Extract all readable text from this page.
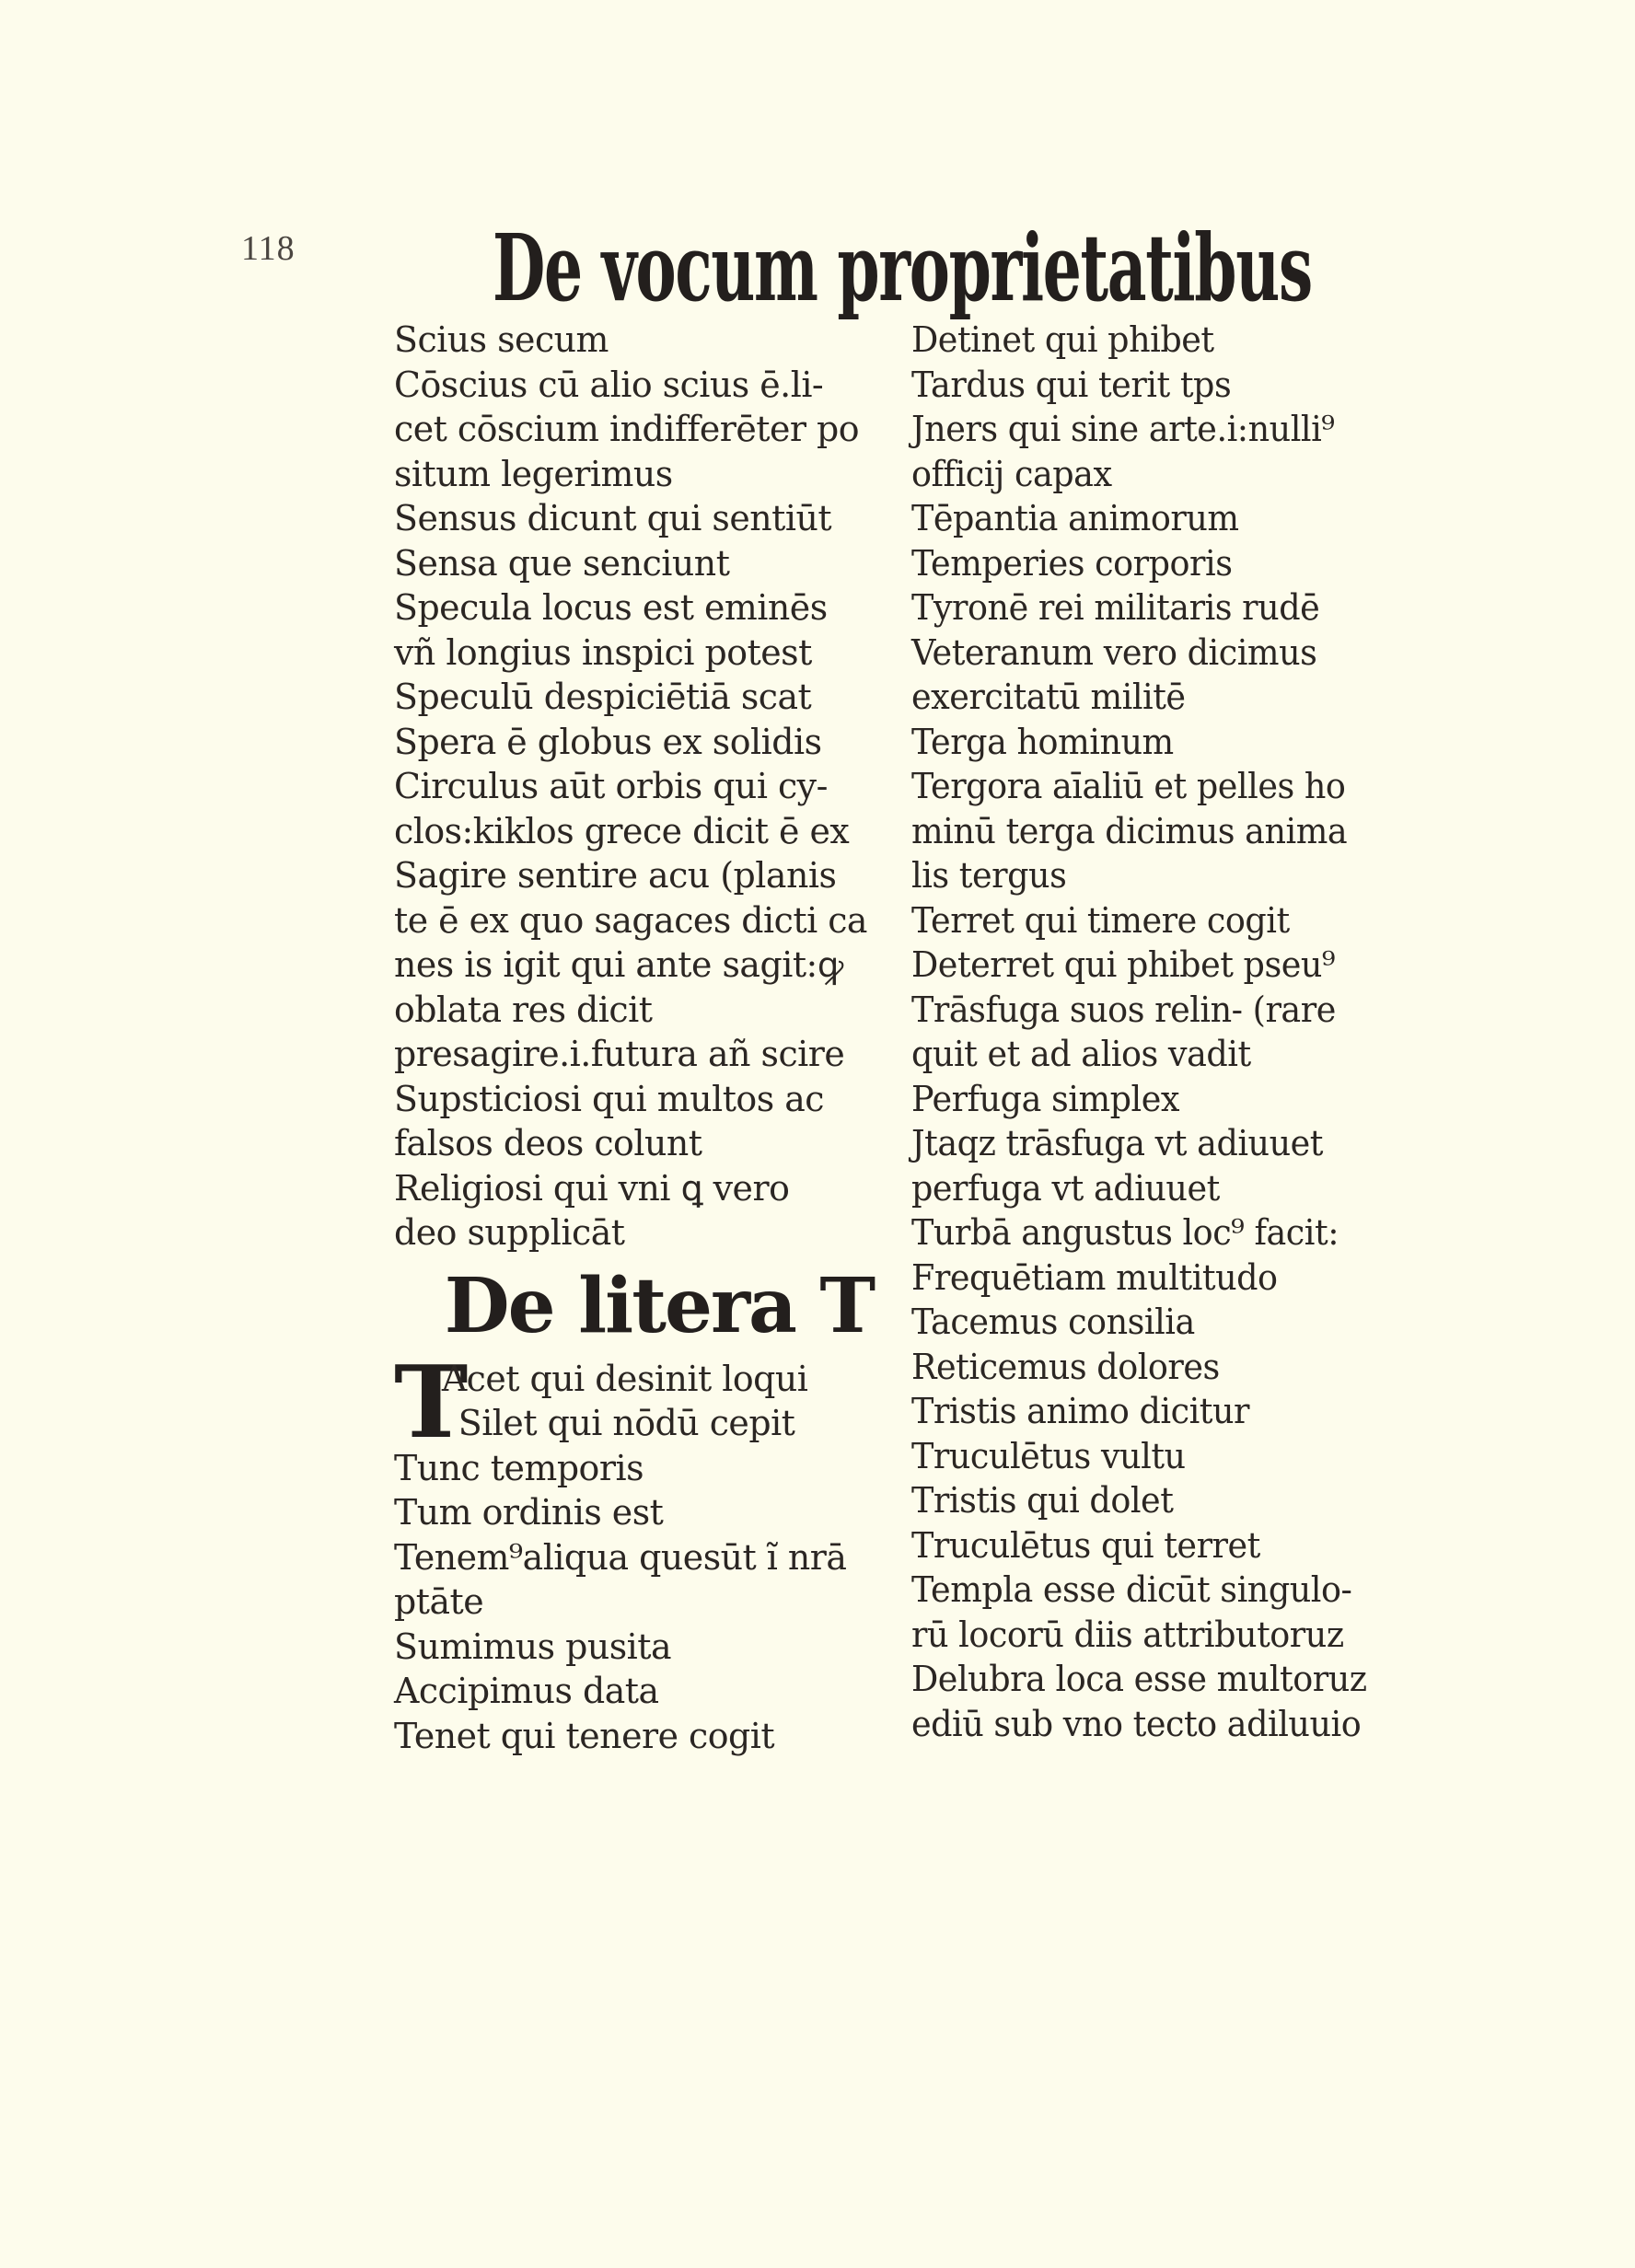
118 De vocum proprietatibus
Scius secum
Cōscius cū alio scius ē.li-
cet cōscium indifferēter po
situm legerimus
Sensus dicunt qui sentiūt
Sensa que senciunt
Specula locus est eminēs
vñ longius inspici potest
Speculū despiciētiā scat
Spera ē globus ex solidis
Circulus aūt orbis qui cy-
clos:kiklos grece dicit ē ex
Sagire sentire acu (planis
te ē ex quo sagaces dicti ca
nes is igit qui ante sagit:ꝙ
oblata res dicit
presagire.i.futura añ scire
Supsticiosi qui multos ac
falsos deos colunt
Religiosi qui vni ꝗ vero
deo supplicāt
De litera T
T
Acet qui desinit loqui
Silet qui nōdū cepit
Tunc temporis
Tum ordinis est
Tenem⁹aliqua quesūt ĩ nrā
ptāte
Sumimus pusita
Accipimus data
Tenet qui tenere cogit
Detinet qui phibet
Tardus qui terit tps
Jners qui sine arte.i:nulli⁹
officij capax
Tēpantia animorum
Temperies corporis
Tyronē rei militaris rudē
Veteranum vero dicimus
exercitatū militē
Terga hominum
Tergora aīaliū et pelles ho
minū terga dicimus anima
lis tergus
Terret qui timere cogit
Deterret qui phibet pseu⁹
Trāsfuga suos relin- (rare
quit et ad alios vadit
Perfuga simplex
Jtaqz trāsfuga vt adiuuet
perfuga vt adiuuet
Turbā angustus loc⁹ facit:
Frequētiam multitudo
Tacemus consilia
Reticemus dolores
Tristis animo dicitur
Truculētus vultu
Tristis qui dolet
Truculētus qui terret
Templa esse dicūt singulo-
rū locorū diis attributoruz
Delubra loca esse multoruz
ediū sub vno tecto adiluuio
